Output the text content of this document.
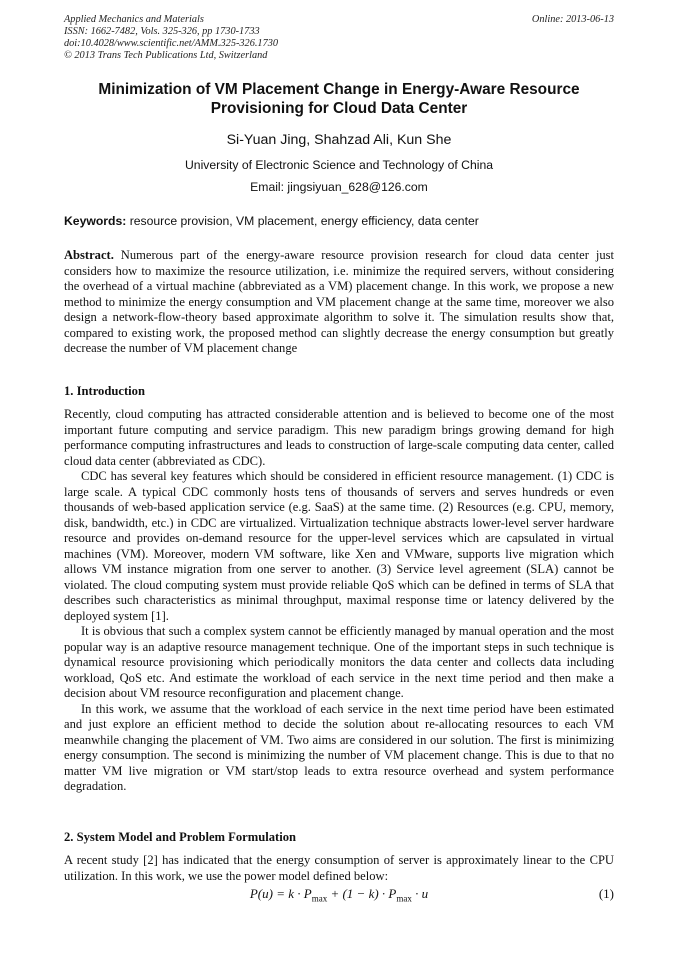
Applied Mechanics and Materials
ISSN: 1662-7482, Vols. 325-326, pp 1730-1733
doi:10.4028/www.scientific.net/AMM.325-326.1730
© 2013 Trans Tech Publications Ltd, Switzerland
Online: 2013-06-13
Minimization of VM Placement Change in Energy-Aware Resource Provisioning for Cloud Data Center
Si-Yuan Jing, Shahzad Ali, Kun She
University of Electronic Science and Technology of China
Email: jingsiyuan_628@126.com
Keywords: resource provision, VM placement, energy efficiency, data center
Abstract. Numerous part of the energy-aware resource provision research for cloud data center just considers how to maximize the resource utilization, i.e. minimize the required servers, without considering the overhead of a virtual machine (abbreviated as a VM) placement change. In this work, we propose a new method to minimize the energy consumption and VM placement change at the same time, moreover we also design a network-flow-theory based approximate algorithm to solve it. The simulation results show that, compared to existing work, the proposed method can slightly decrease the energy consumption but greatly decrease the number of VM placement change
1. Introduction

Recently, cloud computing has attracted considerable attention and is believed to become one of the most important future computing and service paradigm. This new paradigm brings growing demand for high performance computing infrastructures and leads to construction of large-scale computing data center, called cloud data center (abbreviated as CDC).

CDC has several key features which should be considered in efficient resource management. (1) CDC is large scale. A typical CDC commonly hosts tens of thousands of servers and serves hundreds or even thousands of web-based application service (e.g. SaaS) at the same time. (2) Resources (e.g. CPU, memory, disk, bandwidth, etc.) in CDC are virtualized. Virtualization technique abstracts lower-level server hardware resource and provides on-demand resource for the upper-level services which are capsulated in virtual machines (VM). Moreover, modern VM software, like Xen and VMware, supports live migration which allows VM instance migration from one server to another. (3) Service level agreement (SLA) cannot be violated. The cloud computing system must provide reliable QoS which can be defined in terms of SLA that describes such characteristics as minimal throughput, maximal response time or latency delivered by the deployed system [1].

It is obvious that such a complex system cannot be efficiently managed by manual operation and the most popular way is an adaptive resource management technique. One of the important steps in such technique is dynamical resource provisioning which periodically monitors the data center and collects data including workload, QoS etc. And estimate the workload of each service in the next time period and then make a decision about VM resource reconfiguration and placement change.

In this work, we assume that the workload of each service in the next time period have been estimated and just explore an efficient method to decide the solution about re-allocating resources to each VM meanwhile changing the placement of VM. Two aims are considered in our solution. The first is minimizing energy consumption. The second is minimizing the number of VM placement change. This is due to that no matter VM live migration or VM start/stop leads to extra resource overhead and system performance degradation.

2. System Model and Problem Formulation
A recent study [2] has indicated that the energy consumption of server is approximately linear to the CPU utilization. In this work, we use the power model defined below:
$P(u) = k \cdot P_{max} + (1 - k) \cdot P_{max} \cdot u$	(1)
